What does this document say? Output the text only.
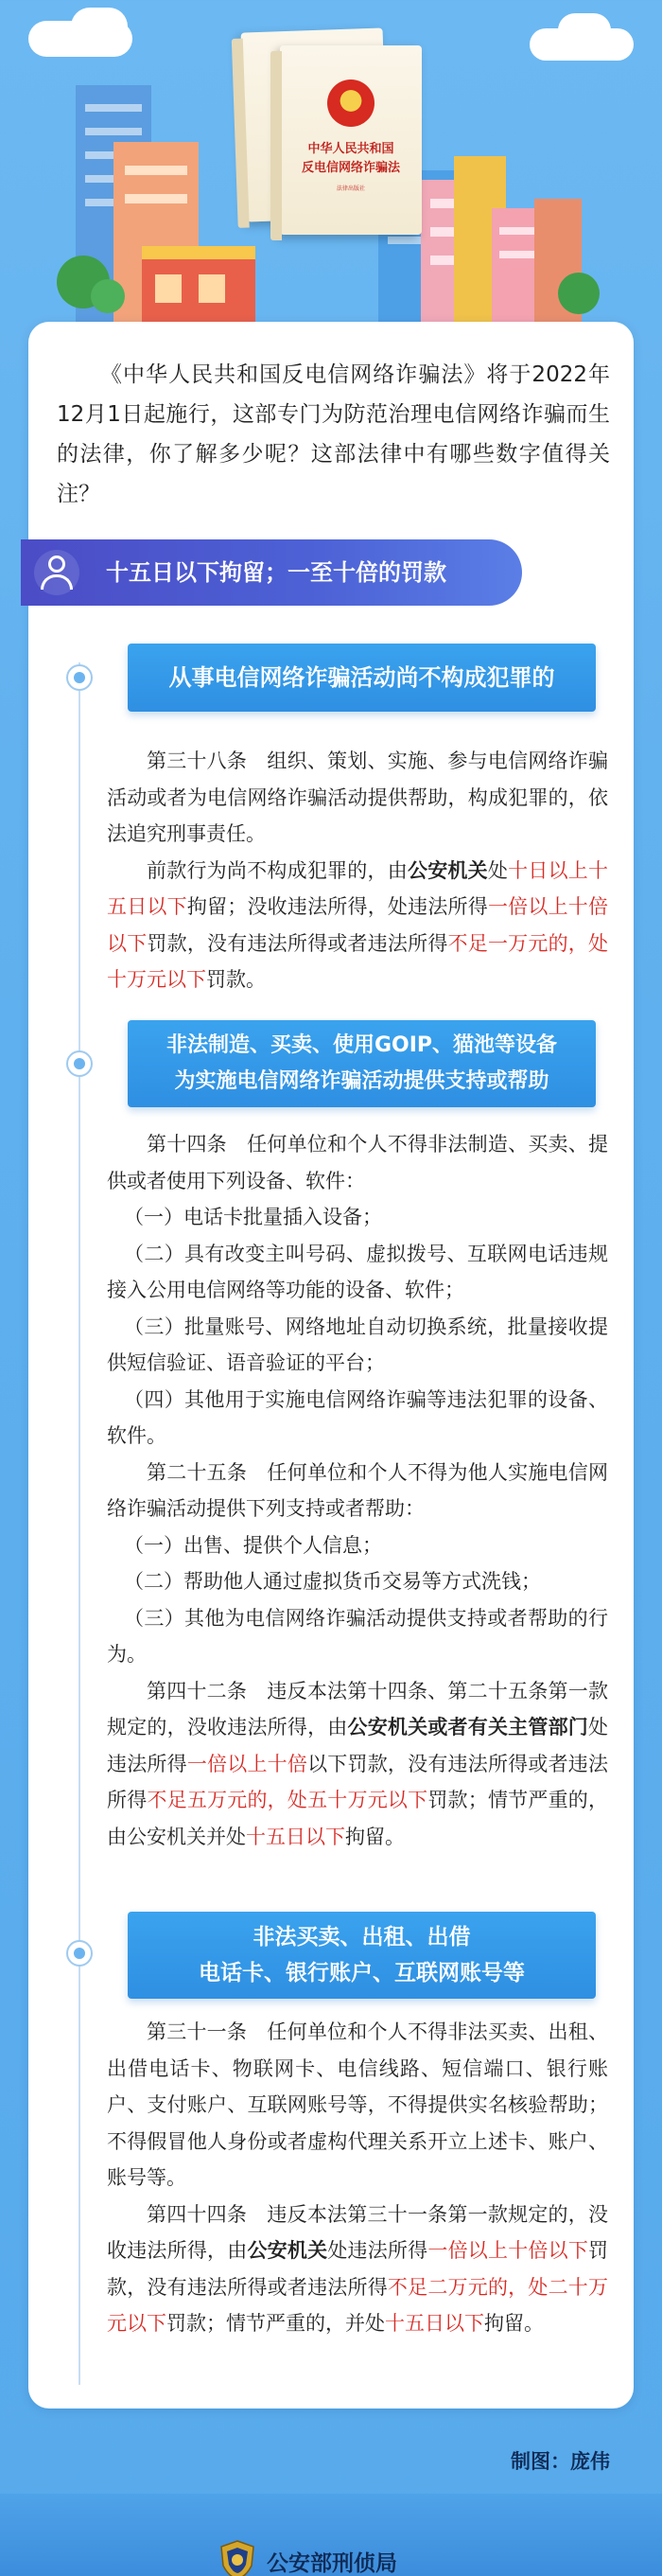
中华人民共和国
反电信网络诈骗法
法律出版社
《中华人民共和国反电信网络诈骗法》将于2022年12月1日起施行，这部专门为防范治理电信网络诈骗而生的法律，你了解多少呢？这部法律中有哪些数字值得关注？
十五日以下拘留；一至十倍的罚款
从事电信网络诈骗活动尚不构成犯罪的

第三十八条　组织、策划、实施、参与电信网络诈骗活动或者为电信网络诈骗活动提供帮助，构成犯罪的，依法追究刑事责任。

前款行为尚不构成犯罪的，由公安机关处十日以上十五日以下拘留；没收违法所得，处违法所得一倍以上十倍以下罚款，没有违法所得或者违法所得不足一万元的，处十万元以下罚款。

非法制造、买卖、使用GOIP、猫池等设备
为实施电信网络诈骗活动提供支持或帮助

第十四条　任何单位和个人不得非法制造、买卖、提供或者使用下列设备、软件：

（一）电话卡批量插入设备；

（二）具有改变主叫号码、虚拟拨号、互联网电话违规接入公用电信网络等功能的设备、软件；

（三）批量账号、网络地址自动切换系统，批量接收提供短信验证、语音验证的平台；

（四）其他用于实施电信网络诈骗等违法犯罪的设备、软件。

第二十五条　任何单位和个人不得为他人实施电信网络诈骗活动提供下列支持或者帮助：

（一）出售、提供个人信息；

（二）帮助他人通过虚拟货币交易等方式洗钱；

（三）其他为电信网络诈骗活动提供支持或者帮助的行为。

第四十二条　违反本法第十四条、第二十五条第一款规定的，没收违法所得，由公安机关或者有关主管部门处违法所得一倍以上十倍以下罚款，没有违法所得或者违法所得不足五万元的，处五十万元以下罚款；情节严重的，由公安机关并处十五日以下拘留。

非法买卖、出租、出借
电话卡、银行账户、互联网账号等

第三十一条　任何单位和个人不得非法买卖、出租、出借电话卡、物联网卡、电信线路、短信端口、银行账户、支付账户、互联网账号等，不得提供实名核验帮助；不得假冒他人身份或者虚构代理关系开立上述卡、账户、账号等。

第四十四条　违反本法第三十一条第一款规定的，没收违法所得，由公安机关处违法所得一倍以上十倍以下罚款，没有违法所得或者违法所得不足二万元的，处二十万元以下罚款；情节严重的，并处十五日以下拘留。

制图：庞伟
公安部刑侦局
